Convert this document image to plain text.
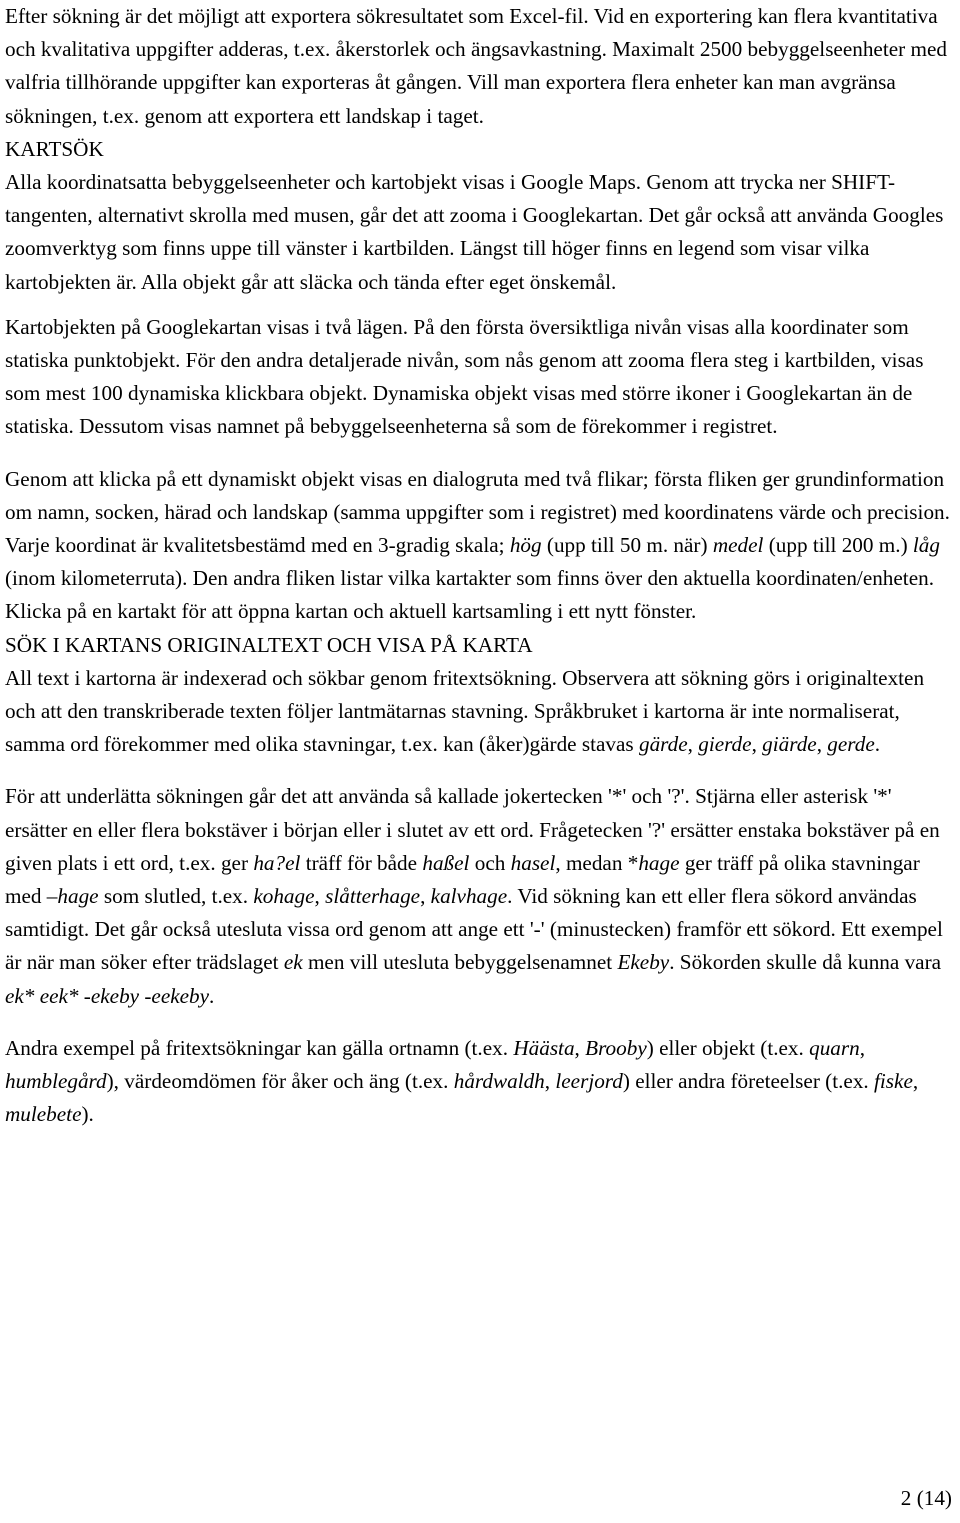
Efter sökning är det möjligt att exportera sökresultatet som Excel-fil. Vid en exportering kan flera kvantitativa och kvalitativa uppgifter adderas, t.ex. åkerstorlek och ängsavkastning. Maximalt 2500 bebyggelseenheter med valfria tillhörande uppgifter kan exporteras åt gången. Vill man exportera flera enheter kan man avgränsa sökningen, t.ex. genom att exportera ett landskap i taget.

KARTSÖK

Alla koordinatsatta bebyggelseenheter och kartobjekt visas i Google Maps. Genom att trycka ner SHIFT-tangenten, alternativt skrolla med musen, går det att zooma i Googlekartan. Det går också att använda Googles zoomverktyg som finns uppe till vänster i kartbilden. Längst till höger finns en legend som visar vilka kartobjekten är. Alla objekt går att släcka och tända efter eget önskemål.

Kartobjekten på Googlekartan visas i två lägen. På den första översiktliga nivån visas alla koordinater som statiska punktobjekt. För den andra detaljerade nivån, som nås genom att zooma flera steg i kartbilden, visas som mest 100 dynamiska klickbara objekt. Dynamiska objekt visas med större ikoner i Googlekartan än de statiska. Dessutom visas namnet på bebyggelseenheterna så som de förekommer i registret.

Genom att klicka på ett dynamiskt objekt visas en dialogruta med två flikar; första fliken ger grundinformation om namn, socken, härad och landskap (samma uppgifter som i registret) med koordinatens värde och precision. Varje koordinat är kvalitetsbestämd med en 3-gradig skala; hög (upp till 50 m. när) medel (upp till 200 m.) låg (inom kilometerruta). Den andra fliken listar vilka kartakter som finns över den aktuella koordinaten/enheten. Klicka på en kartakt för att öppna kartan och aktuell kartsamling i ett nytt fönster.

SÖK I KARTANS ORIGINALTEXT OCH VISA PÅ KARTA

All text i kartorna är indexerad och sökbar genom fritextsökning. Observera att sökning görs i originaltexten och att den transkriberade texten följer lantmätarnas stavning. Språkbruket i kartorna är inte normaliserat, samma ord förekommer med olika stavningar, t.ex. kan (åker)gärde stavas gärde, gierde, giärde, gerde.

För att underlätta sökningen går det att använda så kallade jokertecken '*' och '?'. Stjärna eller asterisk '*' ersätter en eller flera bokstäver i början eller i slutet av ett ord. Frågetecken '?' ersätter enstaka bokstäver på en given plats i ett ord, t.ex. ger ha?el träff för både haßel och hasel, medan *hage ger träff på olika stavningar med –hage som slutled, t.ex. kohage, slåtterhage, kalvhage. Vid sökning kan ett eller flera sökord användas samtidigt. Det går också utesluta vissa ord genom att ange ett '-' (minustecken) framför ett sökord. Ett exempel är när man söker efter trädslaget ek men vill utesluta bebyggelsenamnet Ekeby. Sökorden skulle då kunna vara ek* eek* -ekeby -eekeby.

Andra exempel på fritextsökningar kan gälla ortnamn (t.ex. Häästa, Brooby) eller objekt (t.ex. quarn, humblegård), värdeomdömen för åker och äng (t.ex. hårdwaldh, leerjord) eller andra företeelser (t.ex. fiske, mulebete).

2 (14)
